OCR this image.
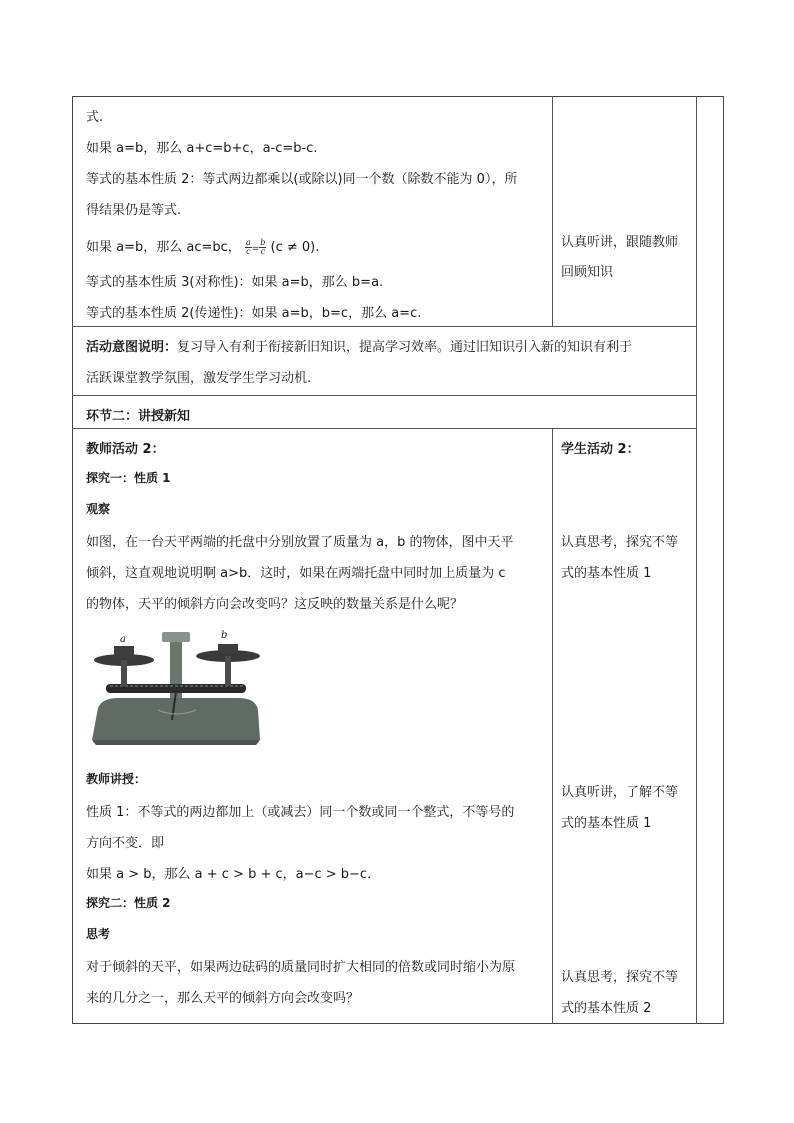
式.
如果 a=b，那么 a+c=b+c，a-c=b-c.
等式的基本性质 2：等式两边都乘以(或除以)同一个数（除数不能为 0），所
得结果仍是等式.
如果 a=b，那么 ac=bc， $\frac{a}{c} = \frac{b}{c} (c \ne 0)$.
等式的基本性质 3(对称性)：如果 a=b，那么 b=a.
等式的基本性质 2(传递性)：如果 a=b，b=c，那么 a=c.
认真听讲，跟随教师
回顾知识
活动意图说明：复习导入有利于衔接新旧知识，提高学习效率。通过旧知识引入新的知识有利于
活跃课堂教学氛围，激发学生学习动机.
环节二：讲授新知
教师活动 2：
探究一：性质 1
观察
如图，在一台天平两端的托盘中分别放置了质量为 a，b 的物体，图中天平
倾斜，这直观地说明啊 a>b．这时，如果在两端托盘中同时加上质量为 c
的物体，天平的倾斜方向会改变吗？这反映的数量关系是什么呢？
a	b
教师讲授：
性质 1：不等式的两边都加上（或减去）同一个数或同一个整式，不等号的
方向不变．即
如果 a > b，那么 a + c > b + c，a−c > b−c．
探究二：性质 2
思考
对于倾斜的天平，如果两边砝码的质量同时扩大相同的倍数或同时缩小为原
来的几分之一，那么天平的倾斜方向会改变吗？
学生活动 2：
认真思考，探究不等
式的基本性质 1
认真听讲，了解不等
式的基本性质 1
认真思考，探究不等
式的基本性质 2
